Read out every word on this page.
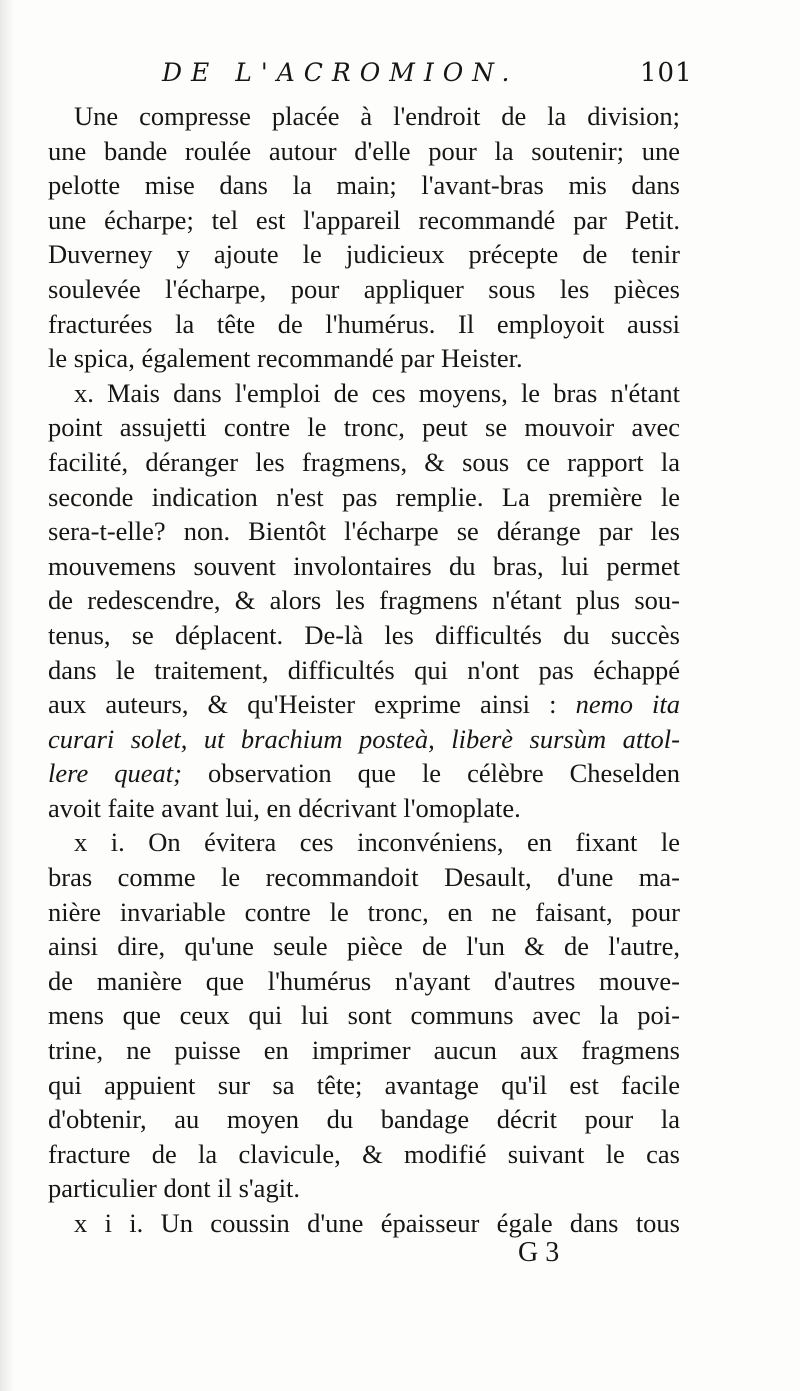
DE L'ACROMION.	101
Une compresse placée à l'endroit de la division;
une bande roulée autour d'elle pour la soutenir; une
pelotte mise dans la main; l'avant-bras mis dans
une écharpe; tel est l'appareil recommandé par Petit.
Duverney y ajoute le judicieux précepte de tenir
soulevée l'écharpe, pour appliquer sous les pièces
fracturées la tête de l'humérus. Il employoit aussi
le spica, également recommandé par Heister.
x. Mais dans l'emploi de ces moyens, le bras n'étant
point assujetti contre le tronc, peut se mouvoir avec
facilité, déranger les fragmens, & sous ce rapport la
seconde indication n'est pas remplie. La première le
sera-t-elle? non. Bientôt l'écharpe se dérange par les
mouvemens souvent involontaires du bras, lui permet
de redescendre, & alors les fragmens n'étant plus sou-
tenus, se déplacent. De-là les difficultés du succès
dans le traitement, difficultés qui n'ont pas échappé
aux auteurs, & qu'Heister exprime ainsi : nemo ita
curari solet, ut brachium posteà, liberè sursùm attol-
lere queat; observation que le célèbre Cheselden
avoit faite avant lui, en décrivant l'omoplate.
x i. On évitera ces inconvéniens, en fixant le
bras comme le recommandoit Desault, d'une ma-
nière invariable contre le tronc, en ne faisant, pour
ainsi dire, qu'une seule pièce de l'un & de l'autre,
de manière que l'humérus n'ayant d'autres mouve-
mens que ceux qui lui sont communs avec la poi-
trine, ne puisse en imprimer aucun aux fragmens
qui appuient sur sa tête; avantage qu'il est facile
d'obtenir, au moyen du bandage décrit pour la
fracture de la clavicule, & modifié suivant le cas
particulier dont il s'agit.
x i i. Un coussin d'une épaisseur égale dans tous
G 3
